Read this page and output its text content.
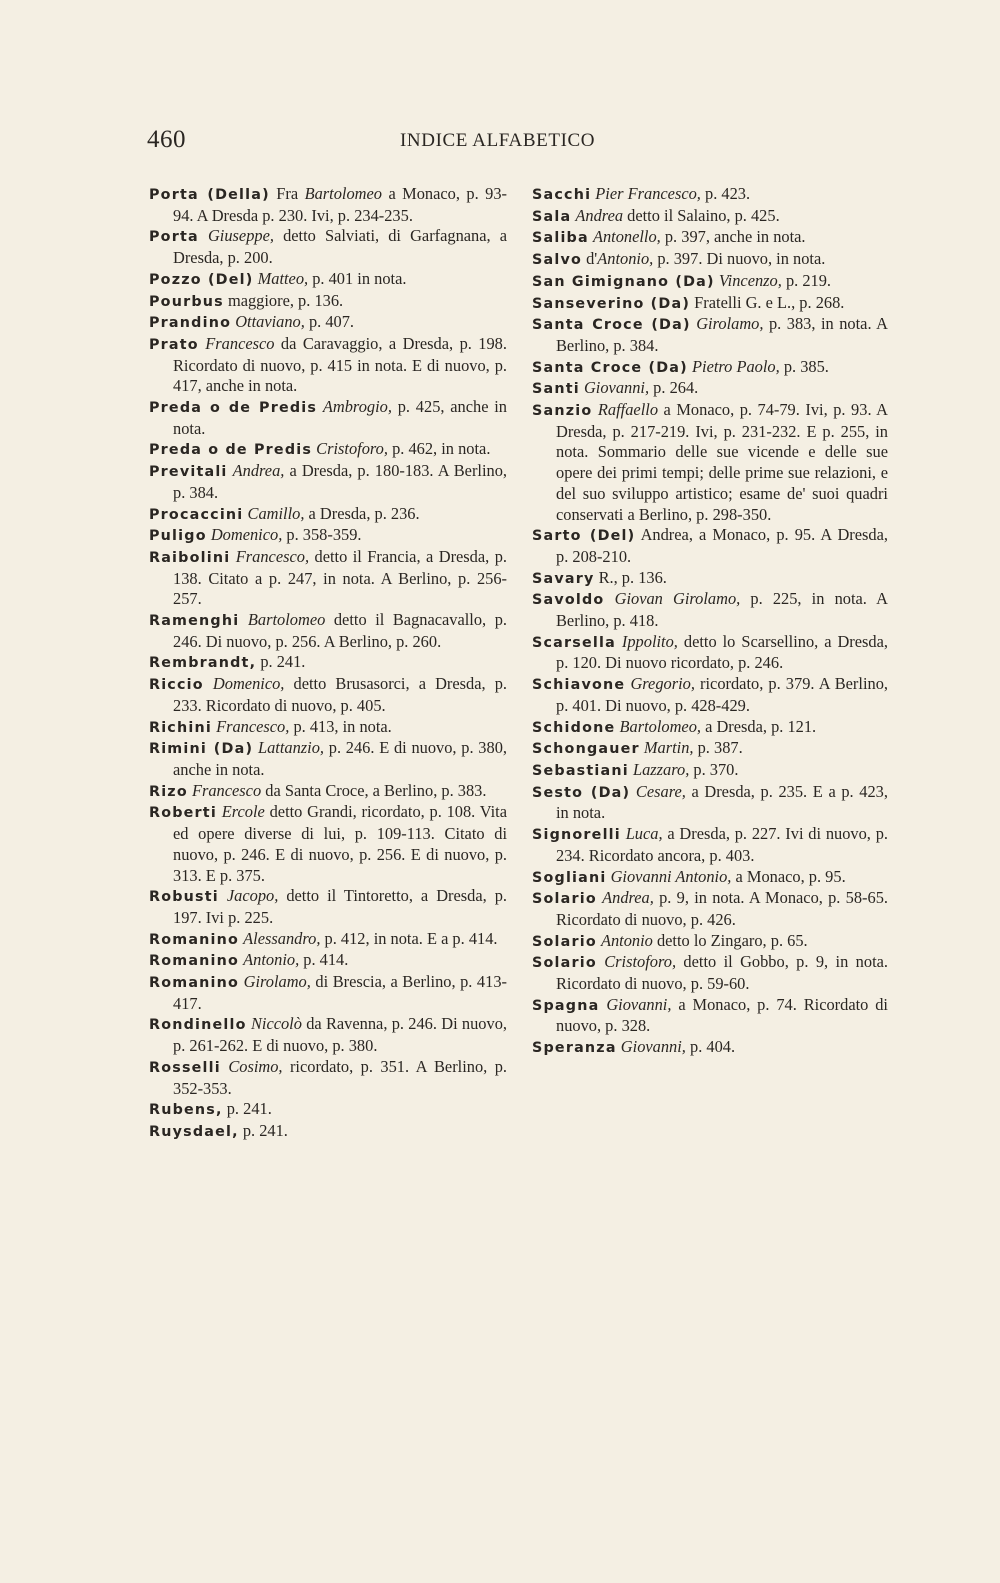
460	INDICE ALFABETICO

Porta (Della) Fra Bartolomeo a Monaco, p. 93-94. A Dresda p. 230. Ivi, p. 234-235.

Porta Giuseppe, detto Salviati, di Garfagnana, a Dresda, p. 200.

Pozzo (Del) Matteo, p. 401 in nota.

Pourbus maggiore, p. 136.

Prandino Ottaviano, p. 407.

Prato Francesco da Caravaggio, a Dresda, p. 198. Ricordato di nuovo, p. 415 in nota. E di nuovo, p. 417, anche in nota.

Preda o de Predis Ambrogio, p. 425, anche in nota.

Preda o de Predis Cristoforo, p. 462, in nota.

Previtali Andrea, a Dresda, p. 180-183. A Berlino, p. 384.

Procaccini Camillo, a Dresda, p. 236.

Puligo Domenico, p. 358-359.

Raibolini Francesco, detto il Francia, a Dresda, p. 138. Citato a p. 247, in nota. A Berlino, p. 256-257.

Ramenghi Bartolomeo detto il Bagnacavallo, p. 246. Di nuovo, p. 256. A Berlino, p. 260.

Rembrandt, p. 241.

Riccio Domenico, detto Brusasorci, a Dresda, p. 233. Ricordato di nuovo, p. 405.

Richini Francesco, p. 413, in nota.

Rimini (Da) Lattanzio, p. 246. E di nuovo, p. 380, anche in nota.

Rizo Francesco da Santa Croce, a Berlino, p. 383.

Roberti Ercole detto Grandi, ricordato, p. 108. Vita ed opere diverse di lui, p. 109-113. Citato di nuovo, p. 246. E di nuovo, p. 256. E di nuovo, p. 313. E p. 375.

Robusti Jacopo, detto il Tintoretto, a Dresda, p. 197. Ivi p. 225.

Romanino Alessandro, p. 412, in nota. E a p. 414.

Romanino Antonio, p. 414.

Romanino Girolamo, di Brescia, a Berlino, p. 413-417.

Rondinello Niccolò da Ravenna, p. 246. Di nuovo, p. 261-262. E di nuovo, p. 380.

Rosselli Cosimo, ricordato, p. 351. A Berlino, p. 352-353.

Rubens, p. 241.

Ruysdael, p. 241.

Sacchi Pier Francesco, p. 423.

Sala Andrea detto il Salaino, p. 425.

Saliba Antonello, p. 397, anche in nota.

Salvo d'Antonio, p. 397. Di nuovo, in nota.

San Gimignano (Da) Vincenzo, p. 219.

Sanseverino (Da) Fratelli G. e L., p. 268.

Santa Croce (Da) Girolamo, p. 383, in nota. A Berlino, p. 384.

Santa Croce (Da) Pietro Paolo, p. 385.

Santi Giovanni, p. 264.

Sanzio Raffaello a Monaco, p. 74-79. Ivi, p. 93. A Dresda, p. 217-219. Ivi, p. 231-232. E p. 255, in nota. Sommario delle sue vicende e delle sue opere dei primi tempi; delle prime sue relazioni, e del suo sviluppo artistico; esame de' suoi quadri conservati a Berlino, p. 298-350.

Sarto (Del) Andrea, a Monaco, p. 95. A Dresda, p. 208-210.

Savary R., p. 136.

Savoldo Giovan Girolamo, p. 225, in nota. A Berlino, p. 418.

Scarsella Ippolito, detto lo Scarsellino, a Dresda, p. 120. Di nuovo ricordato, p. 246.

Schiavone Gregorio, ricordato, p. 379. A Berlino, p. 401. Di nuovo, p. 428-429.

Schidone Bartolomeo, a Dresda, p. 121.

Schongauer Martin, p. 387.

Sebastiani Lazzaro, p. 370.

Sesto (Da) Cesare, a Dresda, p. 235. E a p. 423, in nota.

Signorelli Luca, a Dresda, p. 227. Ivi di nuovo, p. 234. Ricordato ancora, p. 403.

Sogliani Giovanni Antonio, a Monaco, p. 95.

Solario Andrea, p. 9, in nota. A Monaco, p. 58-65. Ricordato di nuovo, p. 426.

Solario Antonio detto lo Zingaro, p. 65.

Solario Cristoforo, detto il Gobbo, p. 9, in nota. Ricordato di nuovo, p. 59-60.

Spagna Giovanni, a Monaco, p. 74. Ricordato di nuovo, p. 328.

Speranza Giovanni, p. 404.
